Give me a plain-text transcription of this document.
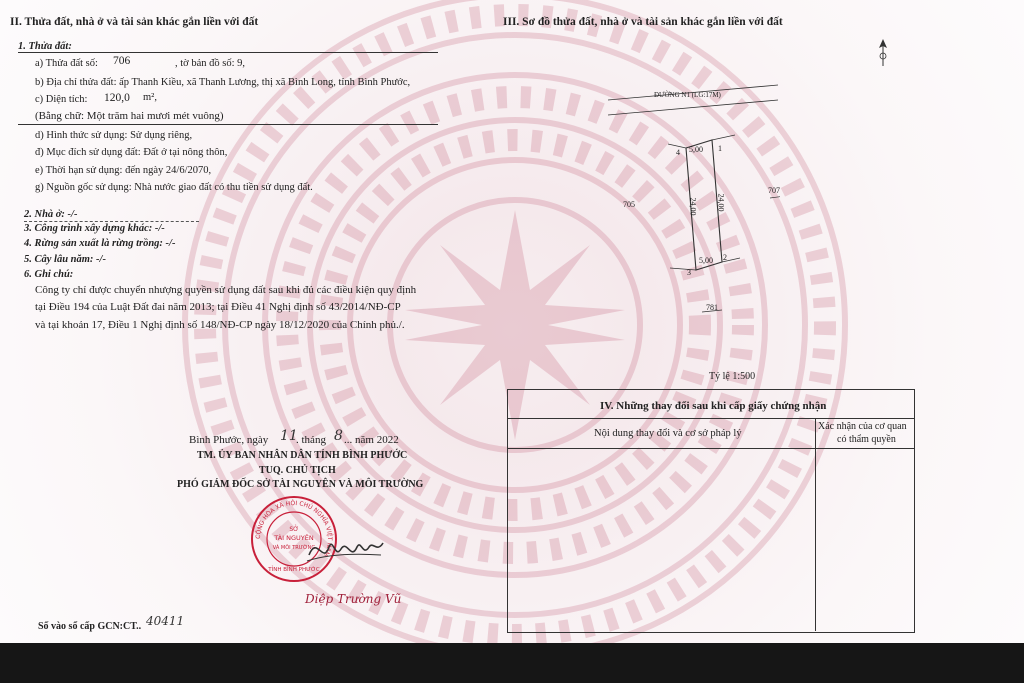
II. Thửa đất, nhà ở và tài sản khác gắn liền với đất
1. Thửa đất:
a) Thửa đất số: 706	, tờ bản đồ số: 9,
b) Địa chỉ thửa đất: ấp Thanh Kiều, xã Thanh Lương, thị xã Bình Long, tỉnh Bình Phước,
c) Diện tích: 120,0 m²,
(Bằng chữ: Một trăm hai mươi mét vuông)
d) Hình thức sử dụng: Sử dụng riêng,
đ) Mục đích sử dụng đất: Đất ở tại nông thôn,
e) Thời hạn sử dụng: đến ngày 24/6/2070,
g) Nguồn gốc sử dụng: Nhà nước giao đất có thu tiền sử dụng đất.
2. Nhà ở: -/-
3. Công trình xây dựng khác: -/-
4. Rừng sản xuất là rừng trồng: -/-
5. Cây lâu năm: -/-
6. Ghi chú:
Công ty chỉ được chuyển nhượng quyền sử dụng đất sau khi đủ các điều kiện quy định
tại Điều 194 của Luật Đất đai năm 2013; tại Điều 41 Nghị định số 43/2014/NĐ-CP
và tại khoản 17, Điều 1 Nghị định số 148/NĐ-CP ngày 18/12/2020 của Chính phủ./.
Bình Phước, ngày 11
. tháng 8 ... năm 2022
TM. ỦY BAN NHÂN DÂN TỈNH BÌNH PHƯỚC
TUQ. CHỦ TỊCH
PHÓ GIÁM ĐỐC SỞ TÀI NGUYÊN VÀ MÔI TRƯỜNG
CỘNG HÒA XÃ HỘI CHỦ NGHĨA VIỆT NAM
SỞ
TÀI NGUYÊN
VÀ MÔI TRƯỜNG
TỈNH BÌNH PHƯỚC
Diệp Trường Vũ
Số vào sổ cấp GCN:CT.. 40411
III. Sơ đồ thửa đất, nhà ở và tài sản khác gắn liền với đất
ĐƯỜNG N1 (LG:17M)
4 5,00 1
24,00 24,00
5,00 2
3
705
707
781
Tỷ lệ 1:500
IV. Những thay đổi sau khi cấp giấy chứng nhận
Nội dung thay đổi và cơ sở pháp lý
Xác nhận của cơ quan
có thẩm quyền
